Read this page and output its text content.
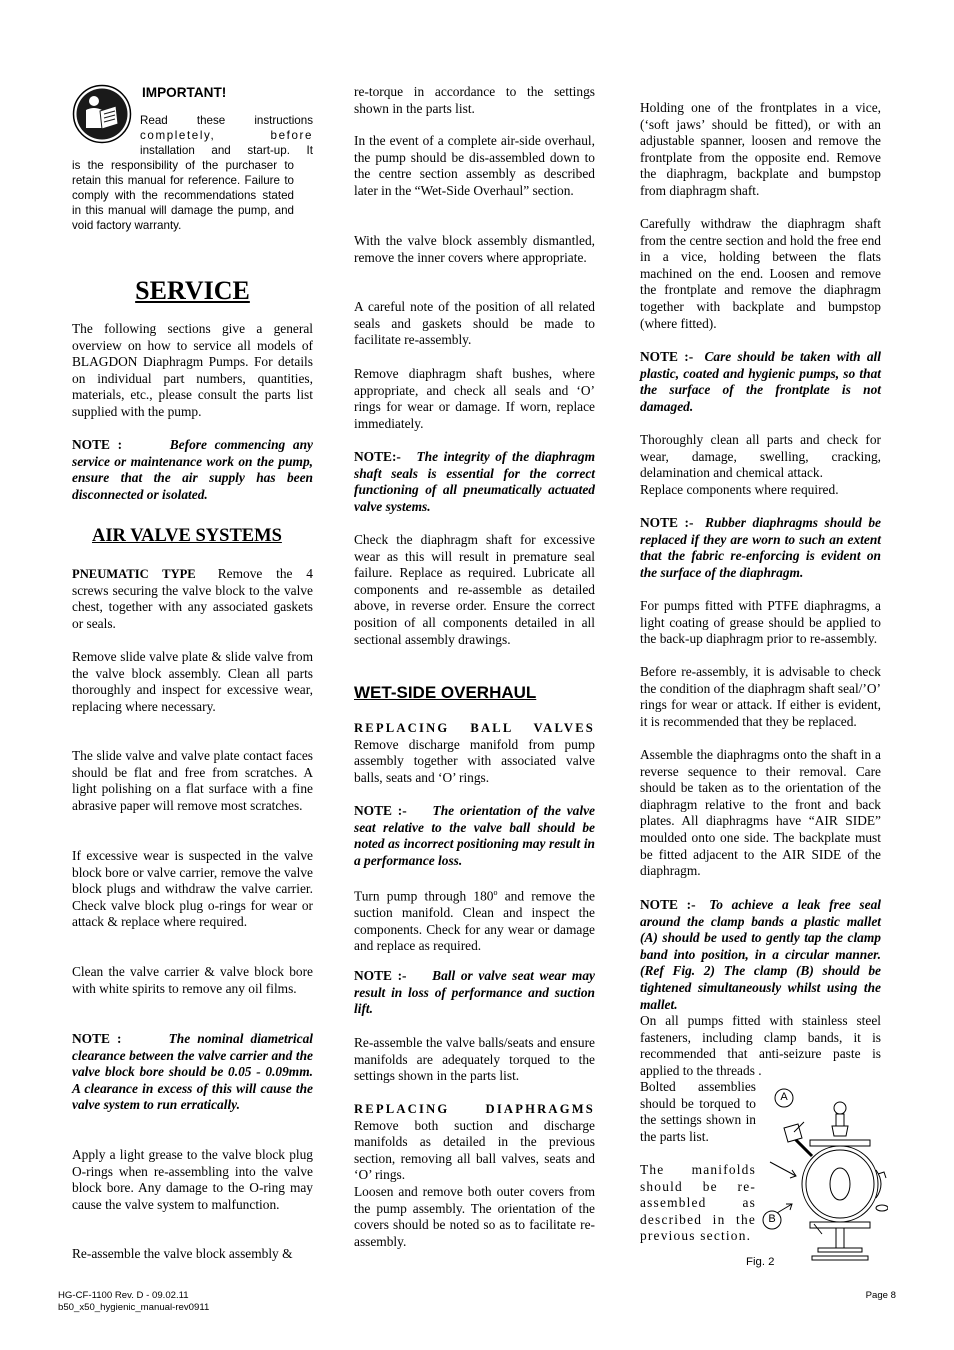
IMPORTANT!
Read these instructions
completely, before
installation and start-up. It
is the responsibility of the purchaser to retain this manual for reference. Failure to comply with the recommendations stated in this manual will damage the pump, and void factory warranty.
SERVICE

The following sections give a general overview on how to service all models of BLAGDON Diaphragm Pumps. For details on individual part numbers, quantities, materials, etc., please consult the parts list supplied with the pump.

NOTE :	Before commencing any service or maintenance work on the pump, ensure that the air supply has been disconnected or isolated.

AIR VALVE SYSTEMS

PNEUMATIC TYPE Remove the 4 screws securing the valve block to the valve chest, together with any associated gaskets or seals.

Remove slide valve plate & slide valve from the valve block assembly. Clean all parts thoroughly and inspect for excessive wear, replacing where necessary.

The slide valve and valve plate contact faces should be flat and free from scratches. A light polishing on a flat surface with a fine abrasive paper will remove most scratches.

If excessive wear is suspected in the valve block bore or valve carrier, remove the valve block plugs and withdraw the valve carrier. Check valve block plug o-rings for wear or attack & replace where required.

Clean the valve carrier & valve block bore with white spirits to remove any oil films.

NOTE :	The nominal diametrical clearance between the valve carrier and the valve block bore should be 0.05 - 0.09mm. A clearance in excess of this will cause the valve system to run erratically.

Apply a light grease to the valve block plug O-rings when re-assembling into the valve block bore. Any damage to the O-ring may cause the valve system to malfunction.

Re-assemble the valve block assembly &

re-torque in accordance to the settings shown in the parts list.

In the event of a complete air-side overhaul, the pump should be dis-assembled down to the centre section assembly as described later in the “Wet-Side Overhaul” section.

With the valve block assembly dismantled, remove the inner covers where appropriate.

A careful note of the position of all related seals and gaskets should be made to facilitate re-assembly.

Remove diaphragm shaft bushes, where appropriate, and check all seals and ‘O’ rings for wear or damage. If worn, replace immediately.

NOTE:- The integrity of the diaphragm shaft seals is essential for the correct functioning of all pneumatically actuated valve systems.

Check the diaphragm shaft for excessive wear as this will result in premature seal failure. Replace as required. Lubricate all components and re-assemble as detailed above, in reverse order. Ensure the correct position of all components detailed in all sectional assembly drawings.

WET-SIDE OVERHAUL

REPLACING BALL VALVES
Remove discharge manifold from pump assembly together with associated valve balls, seats and ‘O’ rings.

NOTE :- The orientation of the valve seat relative to the valve ball should be noted as incorrect positioning may result in a performance loss.

Turn pump through 180$^o$ and remove the suction manifold. Clean and inspect the components. Check for any wear or damage and replace as required.

NOTE :- Ball or valve seat wear may result in loss of performance and suction lift.

Re-assemble the valve balls/seats and ensure manifolds are adequately torqued to the settings shown in the parts list.

REPLACING DIAPHRAGMS
Remove both suction and discharge manifolds as detailed in the previous section, removing all ball valves, seats and ‘O’ rings.

Loosen and remove both outer covers from the pump assembly. The orientation of the covers should be noted so as to facilitate re-assembly.

Holding one of the frontplates in a vice, (‘soft jaws’ should be fitted), or with an adjustable spanner, loosen and remove the frontplate from the opposite end. Remove the diaphragm, backplate and bumpstop from diaphragm shaft.

Carefully withdraw the diaphragm shaft from the centre section and hold the free end in a vice, holding between the flats machined on the end. Loosen and remove the frontplate and remove the diaphragm together with backplate and bumpstop (where fitted).

NOTE :- Care should be taken with all plastic, coated and hygienic pumps, so that the surface of the frontplate is not damaged.

Thoroughly clean all parts and check for wear, damage, swelling, cracking, delamination and chemical attack.
Replace components where required.

NOTE :- Rubber diaphragms should be replaced if they are worn to such an extent that the fabric re-enforcing is evident on the surface of the diaphragm.

For pumps fitted with PTFE diaphragms, a light coating of grease should be applied to the back-up diaphragm prior to re-assembly.

Before re-assembly, it is advisable to check the condition of the diaphragm shaft seal/’O’ rings for wear or attack. If either is evident, it is recommended that they be replaced.

Assemble the diaphragms onto the shaft in a reverse sequence to their removal. Care should be taken as to the orientation of the diaphragm relative to the front and back plates. All diaphragms have “AIR SIDE” moulded onto one side. The backplate must be fitted adjacent to the AIR SIDE of the diaphragm.

NOTE :- To achieve a leak free seal around the clamp bands a plastic mallet (A) should be used to gently tap the clamp band into position, in a circular manner. (Ref Fig. 2) The clamp (B) should be tightened simultaneously whilst using the mallet.

On all pumps fitted with stainless steel fasteners, including clamp bands, it is recommended that anti-seizure paste is applied to the threads .

Bolted assemblies should be torqued to the settings shown in the parts list.

The manifolds should be re-assembled as described in the previous section.

A
B
Fig. 2
HG-CF-1100 Rev. D - 09.02.11
b50_x50_hygienic_manual-rev0911
Page 8
